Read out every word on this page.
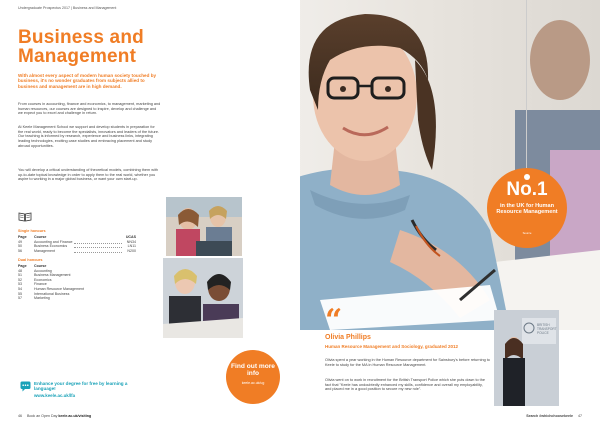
Undergraduate Prospectus 2017 | Business and Management
Business and
Management
With almost every aspect of modern human society touched by business, it's no wonder graduates from subjects allied to business and management are in high demand.
From courses in accounting, finance and economics, to management, marketing and human resources, our courses are designed to inspire, develop and challenge and we expect you to excel and challenge in return.
At Keele Management School we support and develop students in preparation for the real world, ready to become the specialists, innovators and leaders of the future. Our teaching is informed by research, experience and business links, integrating leading technologies, exciting case studies and embracing placement and study abroad opportunities.
You will develop a critical understanding of theoretical models, combining them with up-to-date topical knowledge in order to apply them to the real world, whether you aspire to working in a major global business, or want your own start-up.
Single honours
Page Course	UCAS
49	Accounting and Finance	NN34
50	Business Economics	LN11
56	Management	N200
Dual honours
Page Course
48	Accounting
51	Business Management
52	Economics
53	Finance
54	Human Resource Management
55	International Business
57	Marketing
Enhance your degree for free by learning a language!
www.keele.ac.uk/lfa
46 Book an Open Day keele.ac.uk/visiting
Find out more info
keele.ac.uk/ug
No.1
in the UK for Human Resource Management
Source
“
Olivia Phillips
Human Resource Management and Sociology, graduated 2012
Olivia spent a year working in the Human Resource department for Sainsbury's before returning to Keele to study for the MA in Human Resource Management.
Olivia went on to work in recruitment for the British Transport Police which she puts down to the fact that "Keele has undoubtedly enhanced my skills, confidence and overall my employability, and placed me in a good position to secure my new role".
BRITISH
TRANSPORT
POLICE
Search #whichchoosekeele 47
